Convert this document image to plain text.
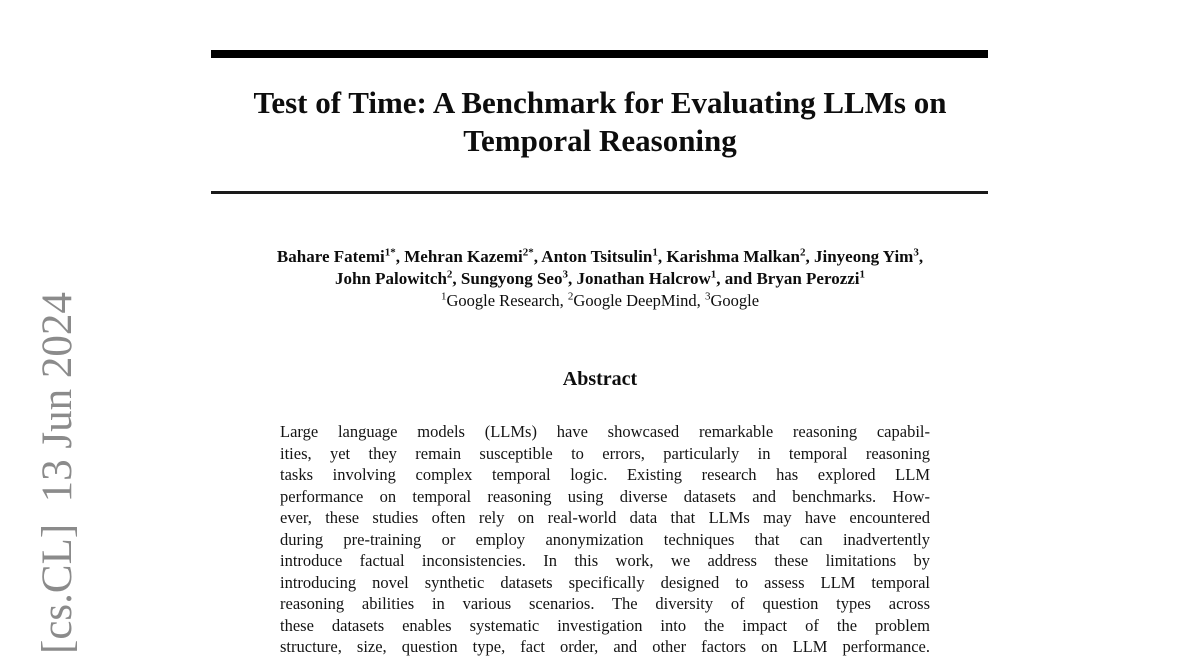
[cs.CL]  13 Jun 2024
Test of Time: A Benchmark for Evaluating LLMs on
Temporal Reasoning
Bahare Fatemi$^{1*}$, Mehran Kazemi$^{2*}$, Anton Tsitsulin$^1$, Karishma Malkan$^2$, Jinyeong Yim$^3$,
John Palowitch$^2$, Sungyong Seo$^3$, Jonathan Halcrow$^1$, and Bryan Perozzi$^1$
$^1$Google Research, $^2$Google DeepMind, $^3$Google
Abstract
Large language models (LLMs) have showcased remarkable reasoning capabil-
ities, yet they remain susceptible to errors, particularly in temporal reasoning
tasks involving complex temporal logic. Existing research has explored LLM
performance on temporal reasoning using diverse datasets and benchmarks. How-
ever, these studies often rely on real-world data that LLMs may have encountered
during pre-training or employ anonymization techniques that can inadvertently
introduce factual inconsistencies. In this work, we address these limitations by
introducing novel synthetic datasets specifically designed to assess LLM temporal
reasoning abilities in various scenarios. The diversity of question types across
these datasets enables systematic investigation into the impact of the problem
structure, size, question type, fact order, and other factors on LLM performance.
